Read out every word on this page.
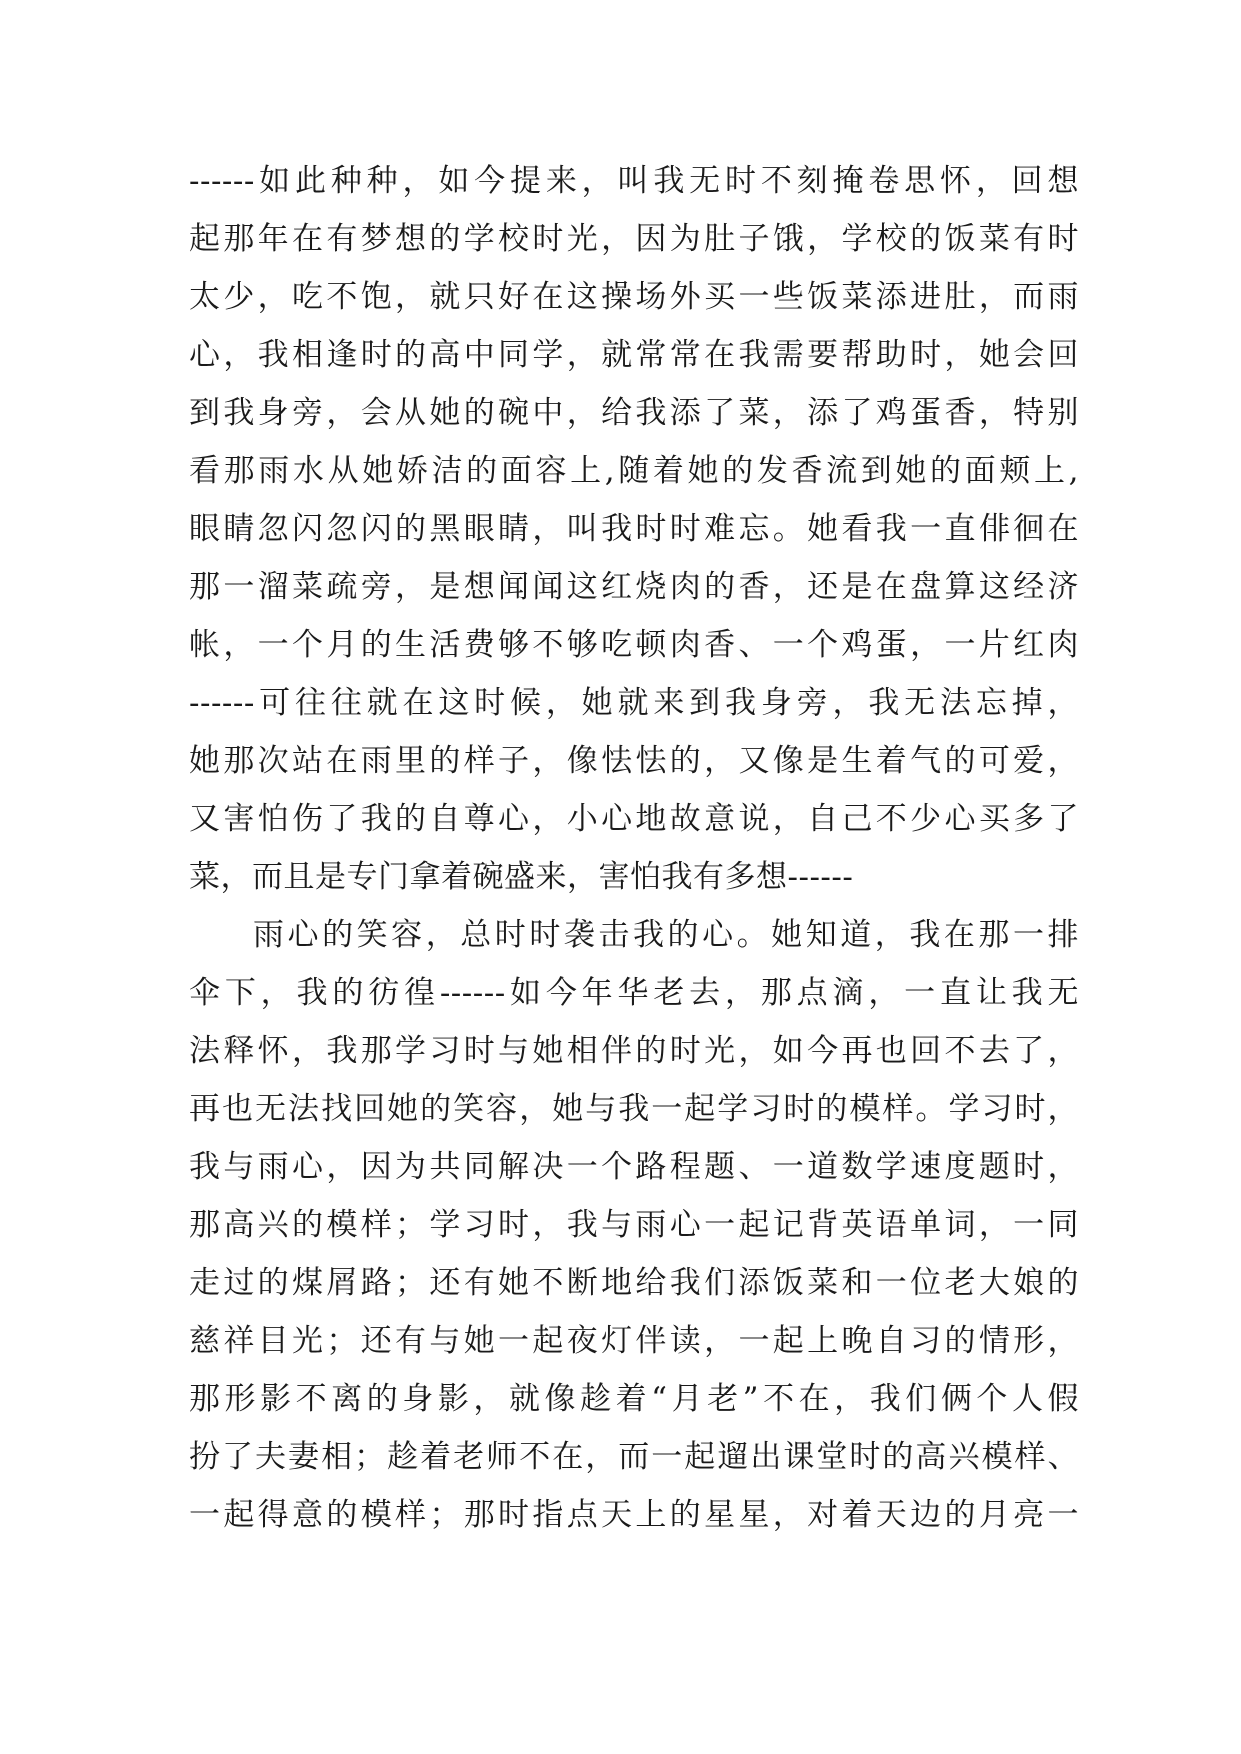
------如此种种，如今提来，叫我无时不刻掩卷思怀，回想
起那年在有梦想的学校时光，因为肚子饿，学校的饭菜有时
太少，吃不饱，就只好在这操场外买一些饭菜添进肚，而雨
心，我相逢时的高中同学，就常常在我需要帮助时，她会回
到我身旁，会从她的碗中，给我添了菜，添了鸡蛋香，特别
看那雨水从她娇洁的面容上,随着她的发香流到她的面颊上,
眼睛忽闪忽闪的黑眼睛，叫我时时难忘。她看我一直俳徊在
那一溜菜疏旁，是想闻闻这红烧肉的香，还是在盘算这经济
帐，一个月的生活费够不够吃顿肉香、一个鸡蛋，一片红肉
------可往往就在这时候，她就来到我身旁，我无法忘掉，
她那次站在雨里的样子，像怯怯的，又像是生着气的可爱，
又害怕伤了我的自尊心，小心地故意说，自己不少心买多了
菜，而且是专门拿着碗盛来，害怕我有多想------
雨心的笑容，总时时袭击我的心。她知道，我在那一排
伞下，我的彷徨------如今年华老去，那点滴，一直让我无
法释怀，我那学习时与她相伴的时光，如今再也回不去了，
再也无法找回她的笑容，她与我一起学习时的模样。学习时，
我与雨心，因为共同解决一个路程题、一道数学速度题时，
那高兴的模样；学习时，我与雨心一起记背英语单词，一同
走过的煤屑路；还有她不断地给我们添饭菜和一位老大娘的
慈祥目光；还有与她一起夜灯伴读，一起上晚自习的情形，
那形影不离的身影，就像趁着“月老”不在，我们俩个人假
扮了夫妻相；趁着老师不在，而一起遛出课堂时的高兴模样、
一起得意的模样；那时指点天上的星星，对着天边的月亮一
